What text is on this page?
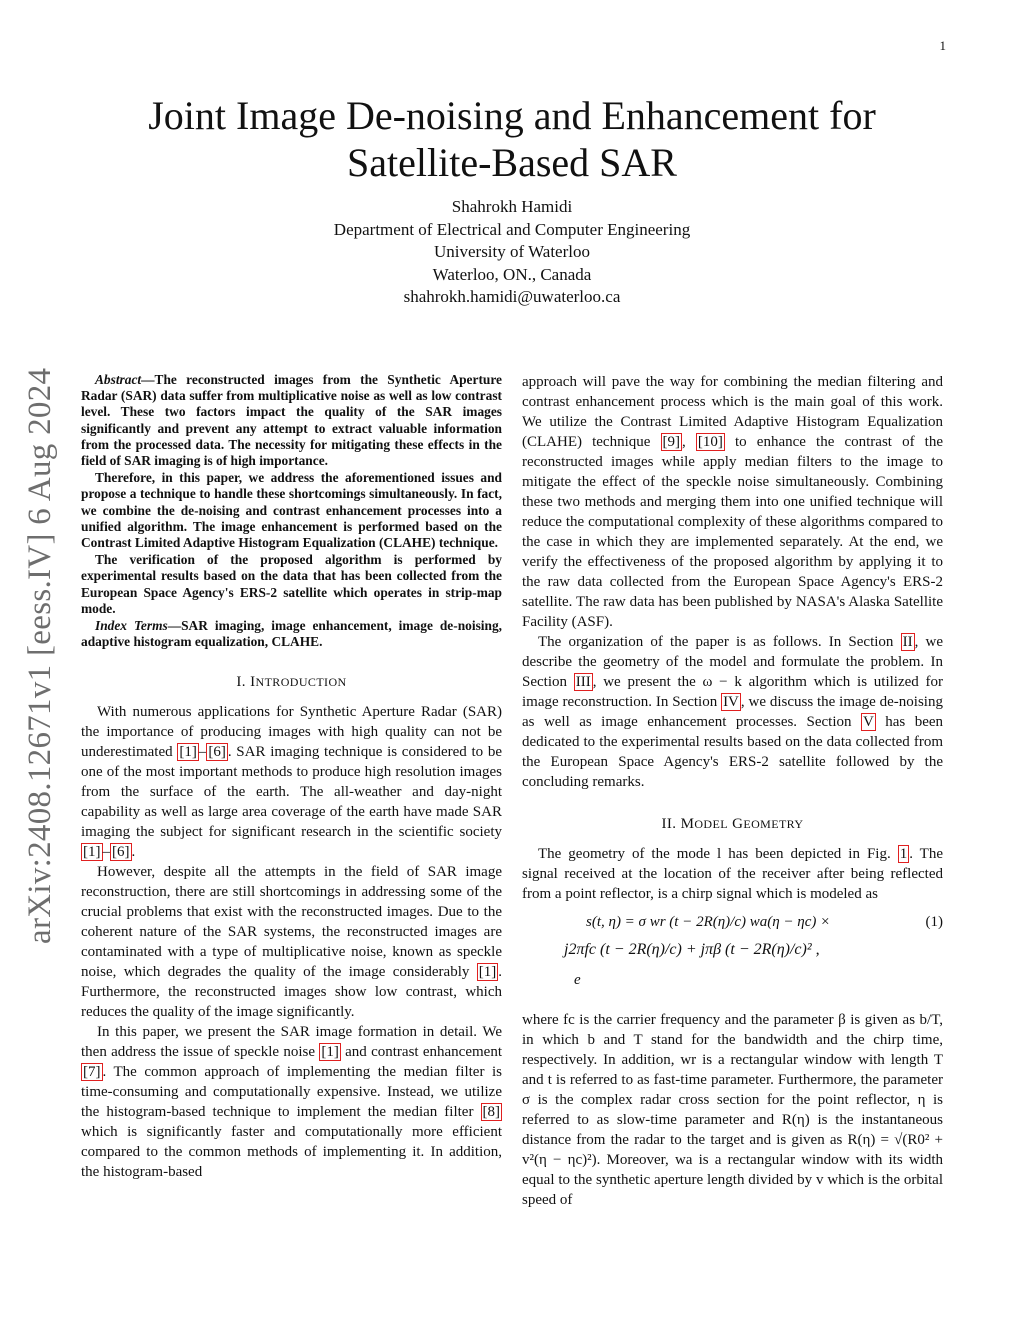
1
arXiv:2408.12671v1 [eess.IV] 6 Aug 2024
Joint Image De-noising and Enhancement for Satellite-Based SAR
Shahrokh Hamidi
Department of Electrical and Computer Engineering
University of Waterloo
Waterloo, ON., Canada
shahrokh.hamidi@uwaterloo.ca

Abstract—The reconstructed images from the Synthetic Aperture Radar (SAR) data suffer from multiplicative noise as well as low contrast level. These two factors impact the quality of the SAR images significantly and prevent any attempt to extract valuable information from the processed data. The necessity for mitigating these effects in the field of SAR imaging is of high importance.

Therefore, in this paper, we address the aforementioned issues and propose a technique to handle these shortcomings simultaneously. In fact, we combine the de-noising and contrast enhancement processes into a unified algorithm. The image enhancement is performed based on the Contrast Limited Adaptive Histogram Equalization (CLAHE) technique.

The verification of the proposed algorithm is performed by experimental results based on the data that has been collected from the European Space Agency's ERS-2 satellite which operates in strip-map mode.

Index Terms—SAR imaging, image enhancement, image de-noising, adaptive histogram equalization, CLAHE.

I. INTRODUCTION

With numerous applications for Synthetic Aperture Radar (SAR) the importance of producing images with high quality can not be underestimated [1] – [6] . SAR imaging technique is considered to be one of the most important methods to produce high resolution images from the surface of the earth. The all-weather and day-night capability as well as large area coverage of the earth have made SAR imaging the subject for significant research in the scientific society [1] – [6] .

However, despite all the attempts in the field of SAR image reconstruction, there are still shortcomings in addressing some of the crucial problems that exist with the reconstructed images. Due to the coherent nature of the SAR systems, the reconstructed images are contaminated with a type of multiplicative noise, known as speckle noise, which degrades the quality of the image considerably [1] . Furthermore, the reconstructed images show low contrast, which reduces the quality of the image significantly.

In this paper, we present the SAR image formation in detail. We then address the issue of speckle noise [1] and contrast enhancement [7] . The common approach of implementing the median filter is time-consuming and computationally expensive. Instead, we utilize the histogram-based technique to implement the median filter [8] which is significantly faster and computationally more efficient compared to the common methods of implementing it. In addition, the histogram-based

approach will pave the way for combining the median filtering and contrast enhancement process which is the main goal of this work. We utilize the Contrast Limited Adaptive Histogram Equalization (CLAHE) technique [9] , [10] to enhance the contrast of the reconstructed images while apply median filters to the image to mitigate the effect of the speckle noise simultaneously. Combining these two methods and merging them into one unified technique will reduce the computational complexity of these algorithms compared to the case in which they are implemented separately. At the end, we verify the effectiveness of the proposed algorithm by applying it to the raw data collected from the European Space Agency's ERS-2 satellite. The raw data has been published by NASA's Alaska Satellite Facility (ASF).

The organization of the paper is as follows. In Section II , we describe the geometry of the model and formulate the problem. In Section III , we present the ω − k algorithm which is utilized for image reconstruction. In Section IV , we discuss the image de-noising as well as image enhancement processes. Section V has been dedicated to the experimental results based on the data collected from the European Space Agency's ERS-2 satellite followed by the concluding remarks.

II. MODEL GEOMETRY

The geometry of the mode l has been depicted in Fig. 1 . The signal received at the location of the receiver after being reflected from a point reflector, is a chirp signal which is modeled as

s(t, η) = σ wr (t − 2R(η)/c) wa(η − ηc) ×	(1)
j2πfc (t − 2R(η)/c) + jπβ (t − 2R(η)/c)² ,
e

where fc is the carrier frequency and the parameter β is given as b/T, in which b and T stand for the bandwidth and the chirp time, respectively. In addition, wr is a rectangular window with length T and t is referred to as fast-time parameter. Furthermore, the parameter σ is the complex radar cross section for the point reflector, η is referred to as slow-time parameter and R(η) is the instantaneous distance from the radar to the target and is given as R(η) = √(R0² + v²(η − ηc)²). Moreover, wa is a rectangular window with its width equal to the synthetic aperture length divided by v which is the orbital speed of
